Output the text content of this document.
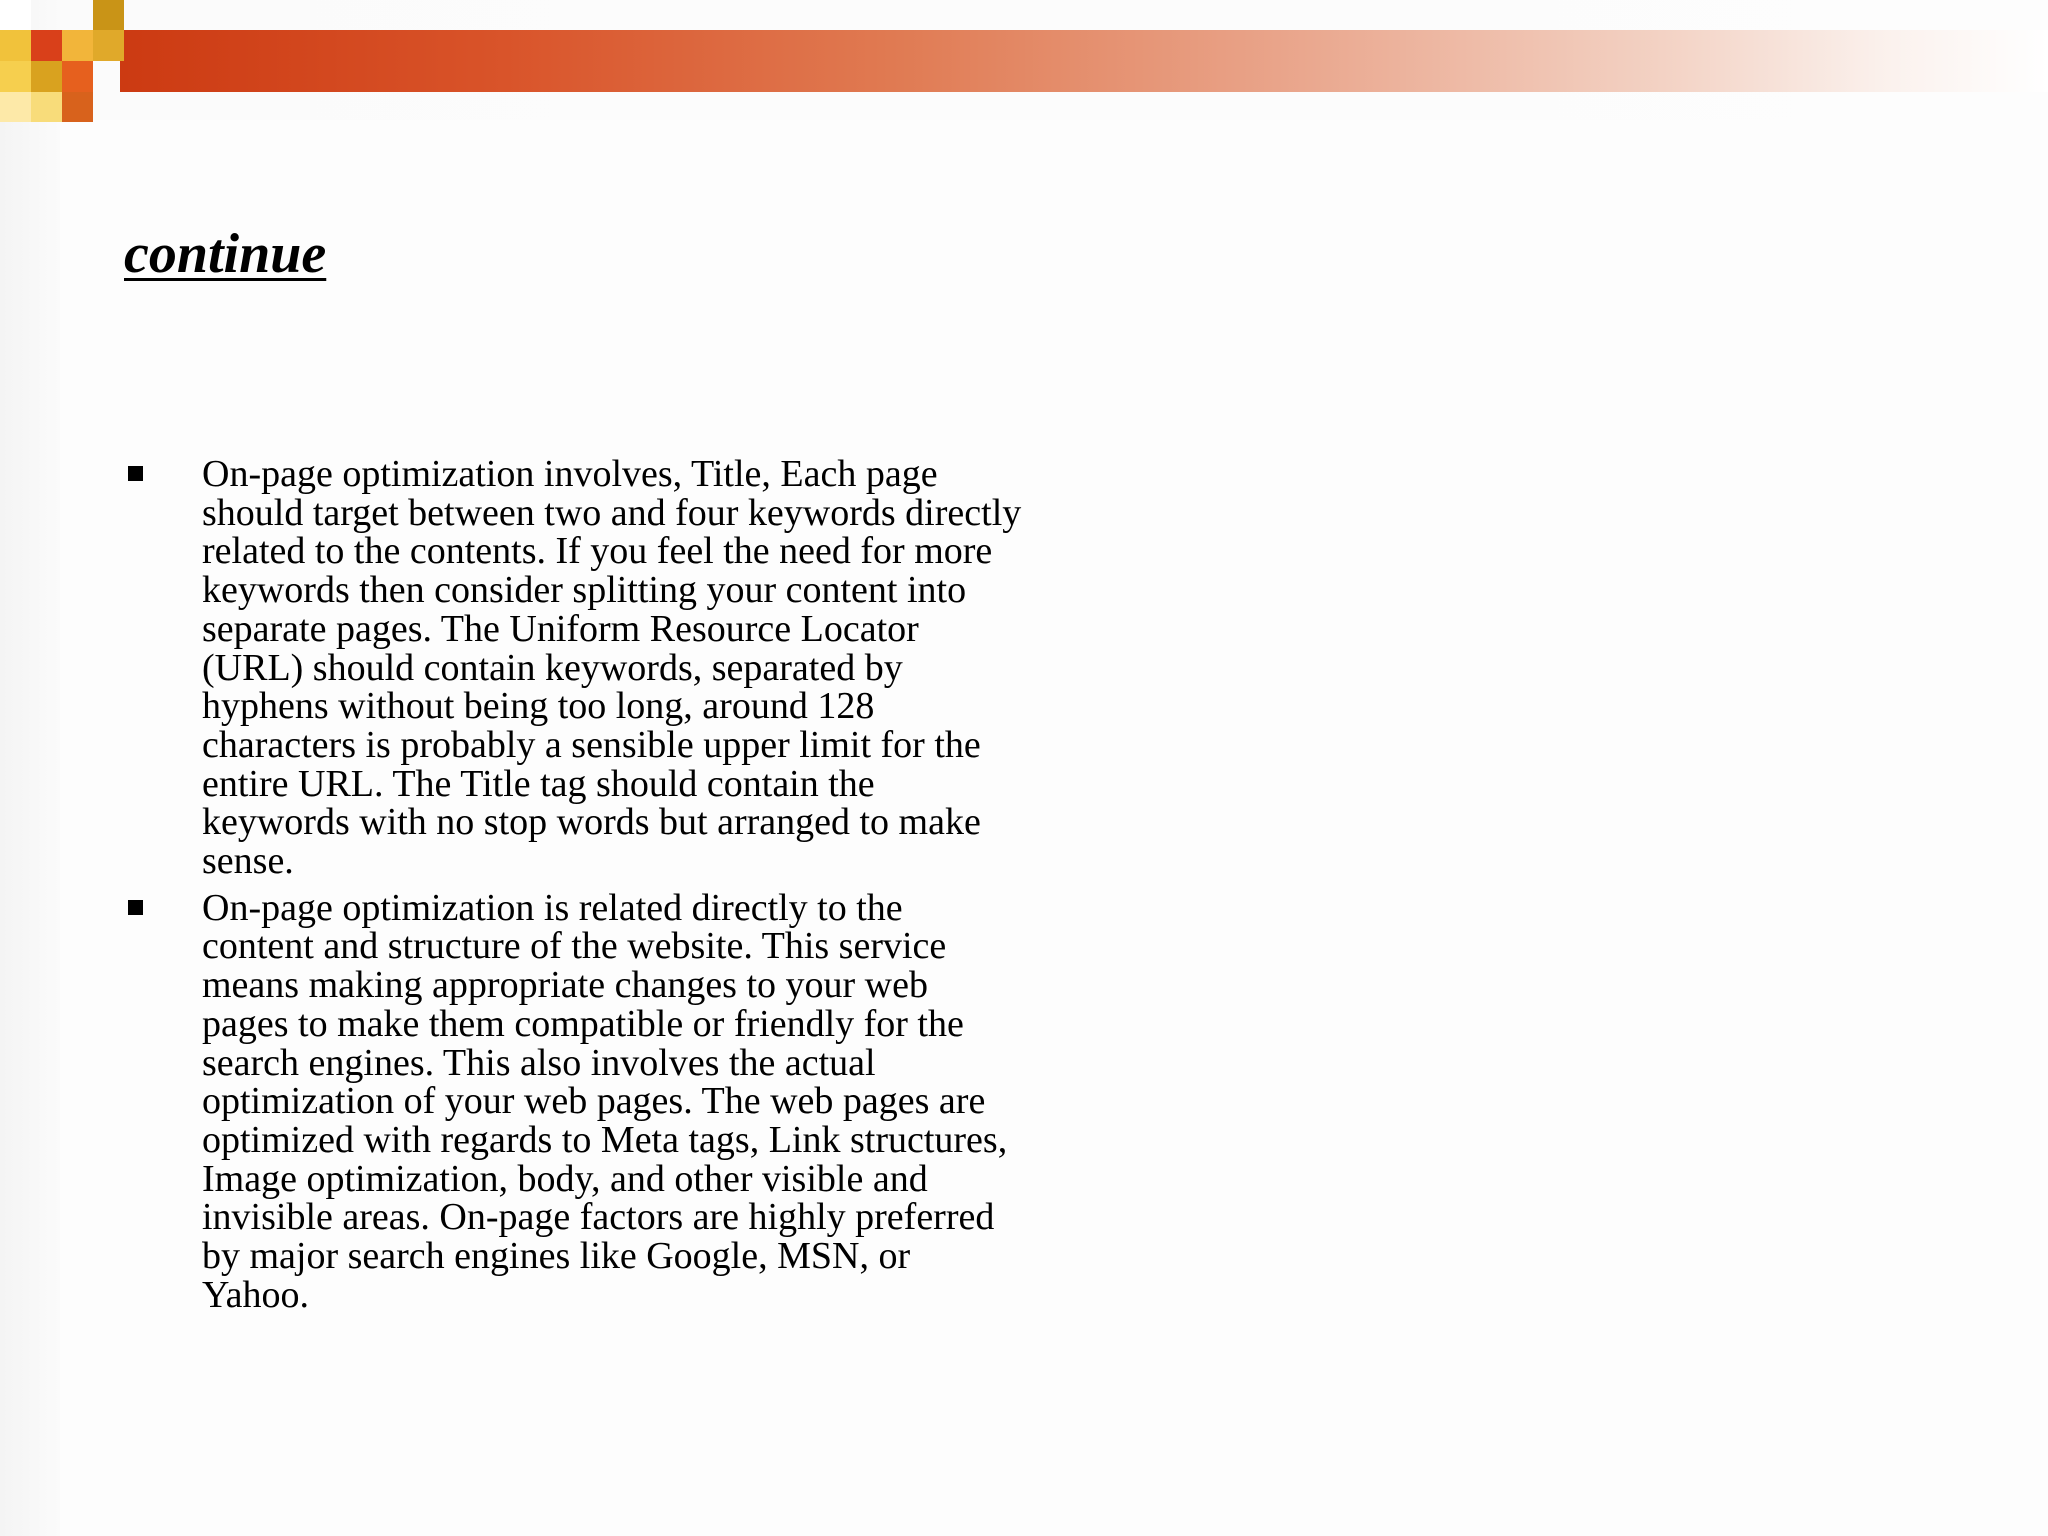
continue
On-page optimization involves, Title, Each page should target between two and four keywords directly related to the contents. If you feel the need for more keywords then consider splitting your content into separate pages. The Uniform Resource Locator (URL) should contain keywords, separated by hyphens without being too long, around 128 characters is probably a sensible upper limit for the entire URL. The Title tag should contain the keywords with no stop words but arranged to make sense.
On-page optimization is related directly to the content and structure of the website. This service means making appropriate changes to your web pages to make them compatible or friendly for the search engines. This also involves the actual optimization of your web pages. The web pages are optimized with regards to Meta tags, Link structures, Image optimization, body, and other visible and invisible areas. On-page factors are highly preferred by major search engines like Google, MSN, or Yahoo.
